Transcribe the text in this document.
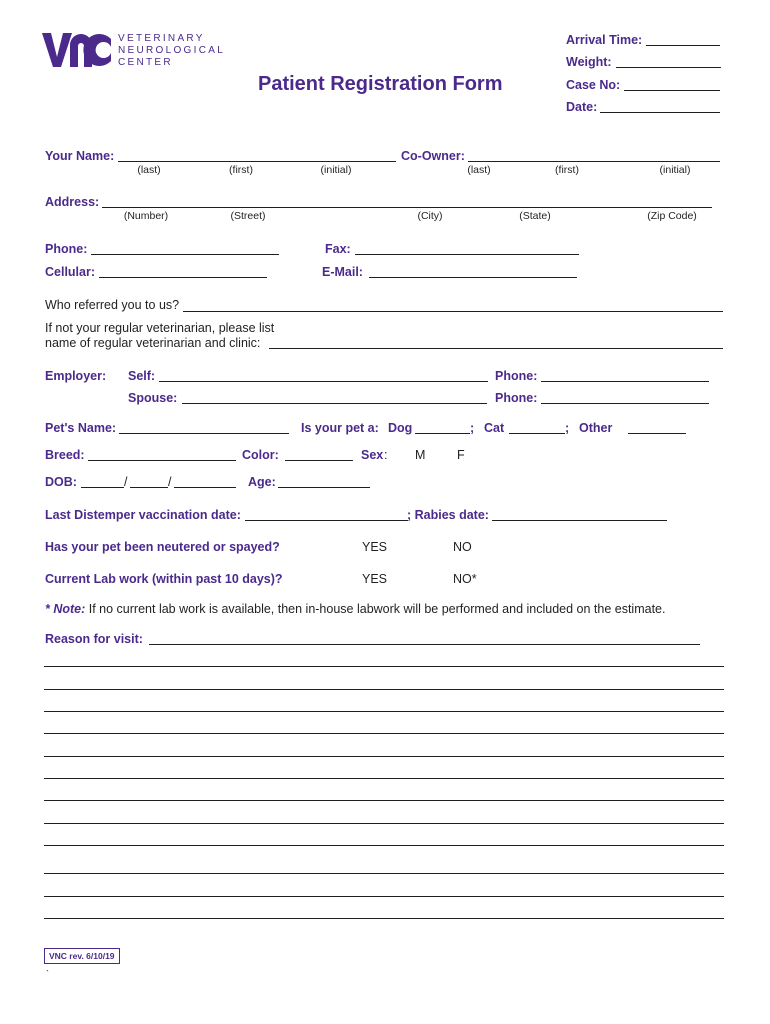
VETERINARY
NEUROLOGICAL
CENTER
Patient Registration Form
Arrival Time:
Weight:
Case No:
Date:
Your Name:	Co-Owner:
(last)	(first)	(initial)	(last)	(first)	(initial)
Address:
(Number)	(Street)	(City)	(State)	(Zip Code)
Phone:	Fax:
Cellular:	E-Mail:
Who referred you to us?
If not your regular veterinarian, please list
name of regular veterinarian and clinic:
Employer: Self:	Phone:
Spouse:	Phone:
Pet's Name:	Is your pet a: Dog	; Cat	; Other
Breed:	Color:	Sex : M	F
DOB:	/	/	Age:
Last Distemper vaccination date:	; Rabies date:
Has your pet been neutered or spayed?	YES	NO
Current Lab work (within past 10 days)?	YES	NO*
* Note: If no current lab work is available, then in-house labwork will be performed and included on the estimate.
Reason for visit:
VNC rev. 6/10/19
`
